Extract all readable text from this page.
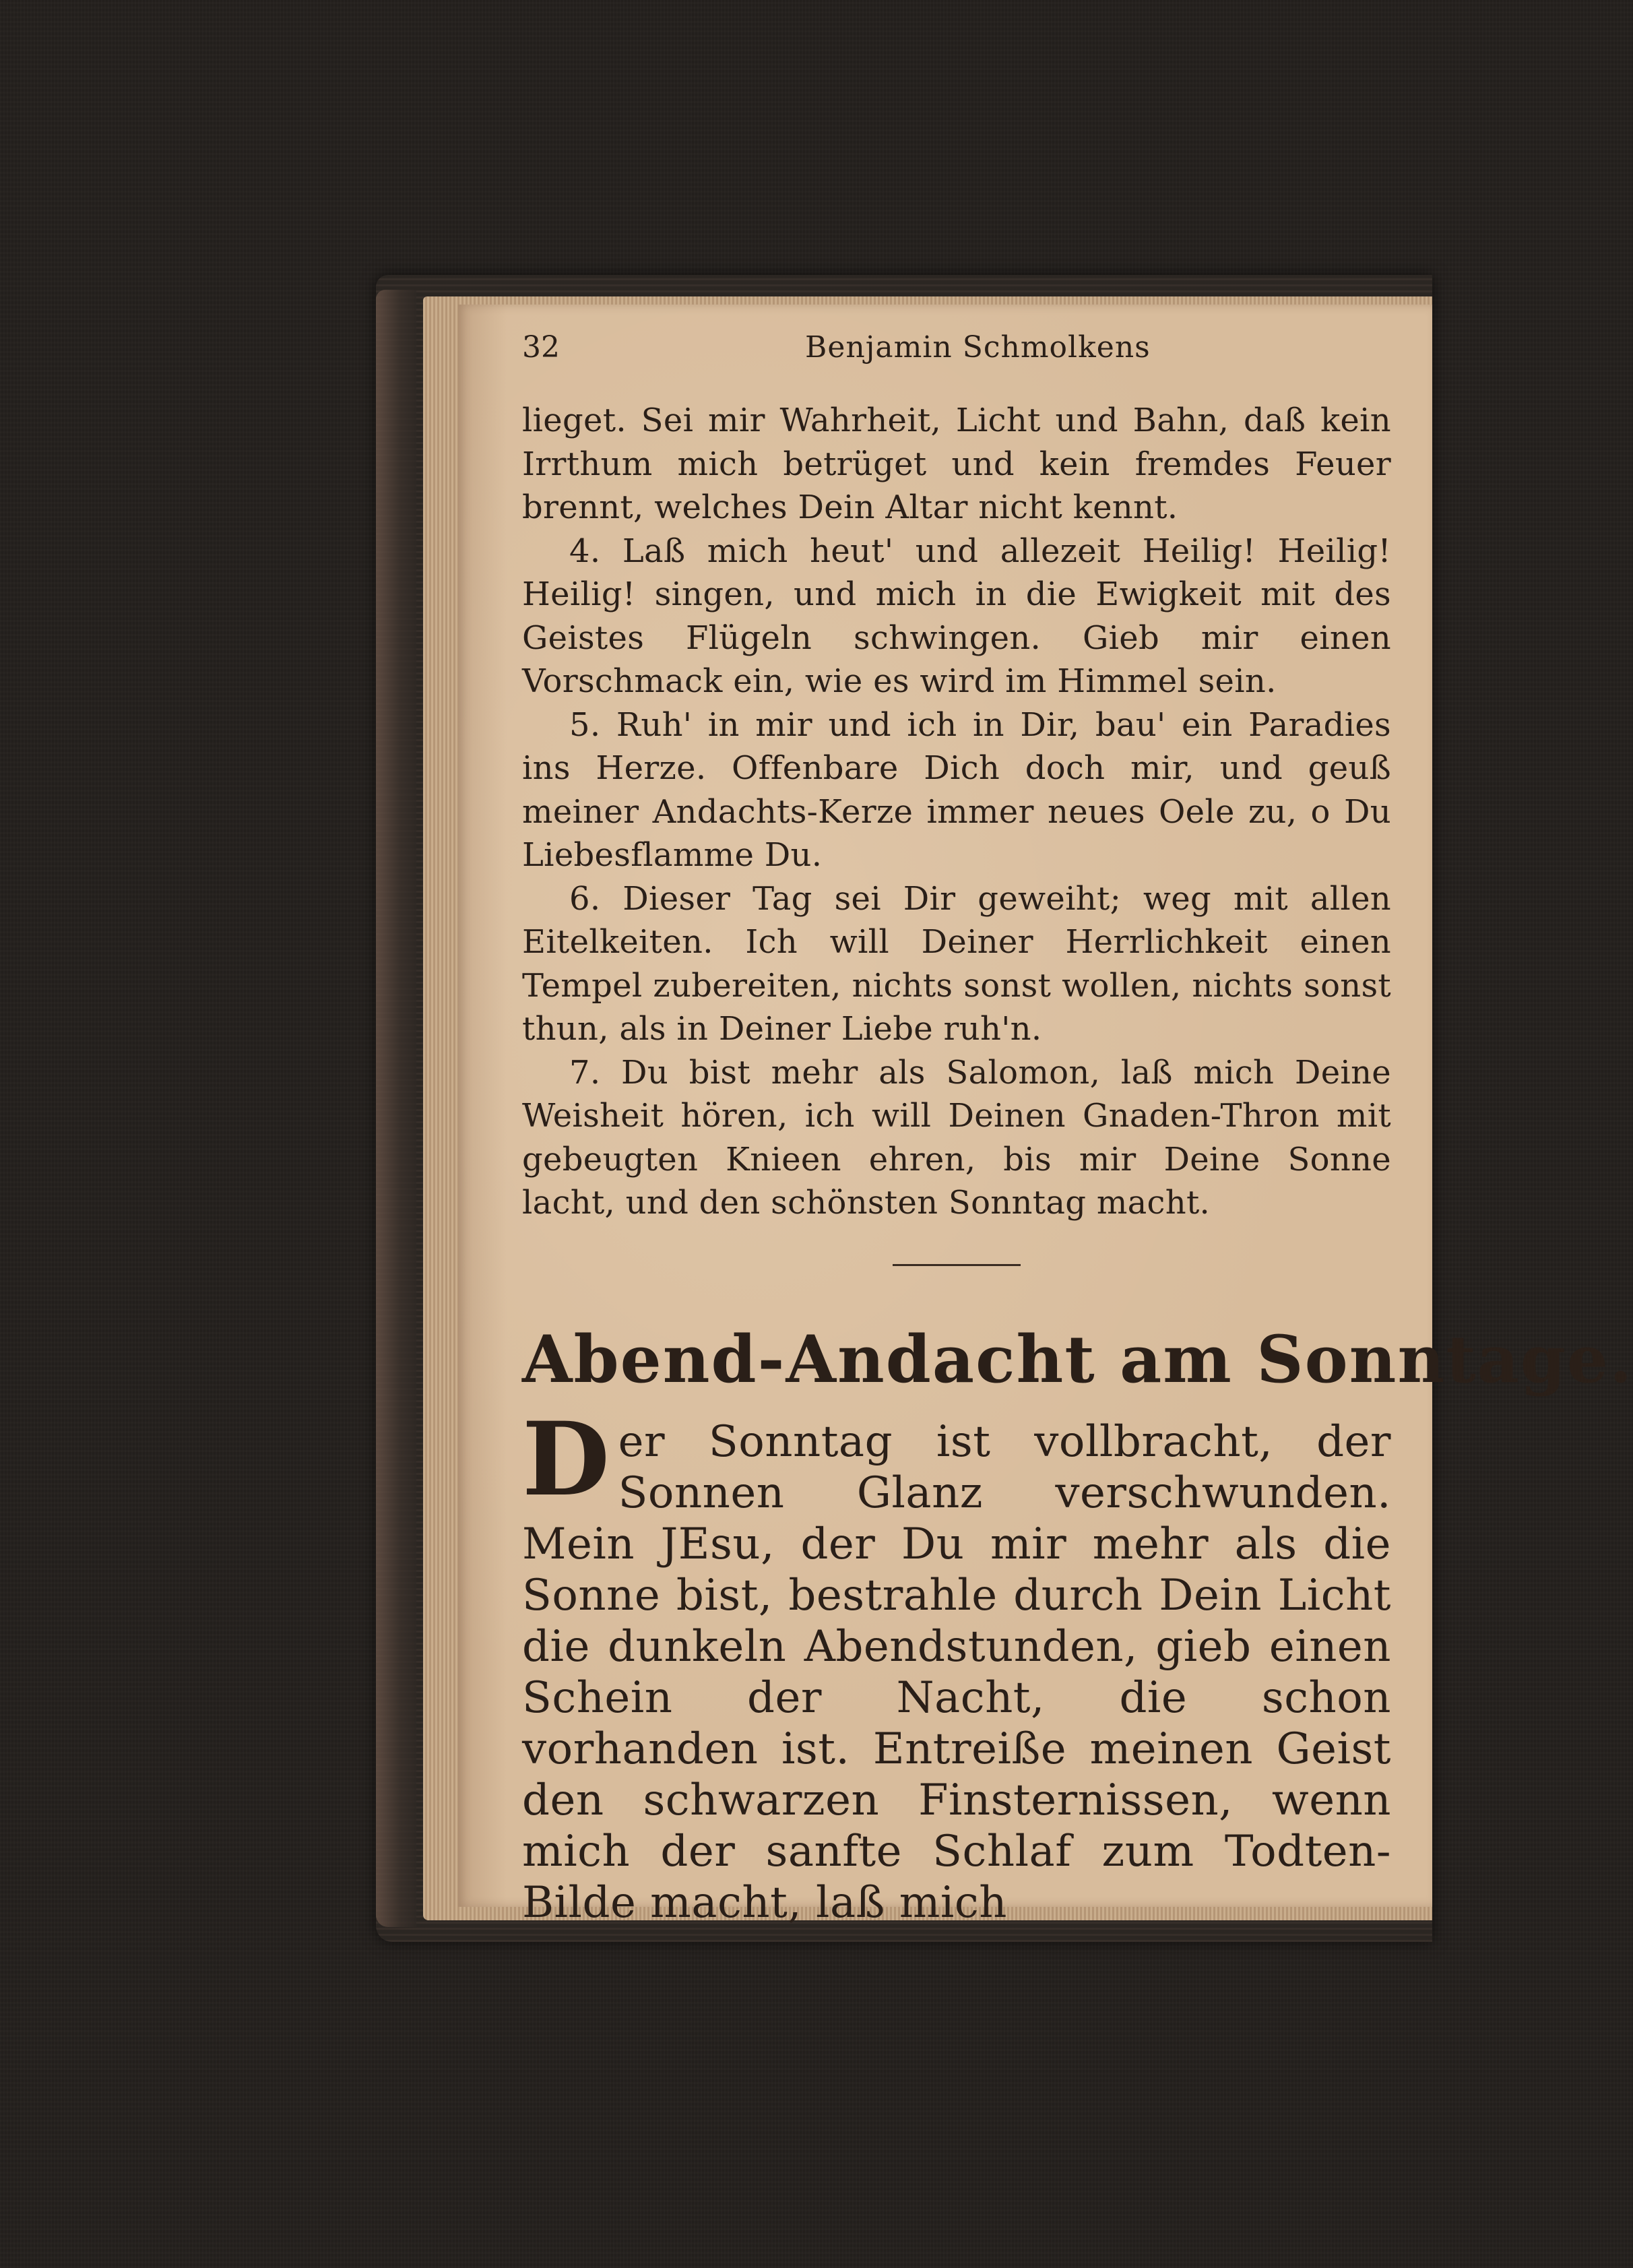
32	Benjamin Schmolkens

lieget. Sei mir Wahrheit, Licht und Bahn, daß kein Irrthum mich betrüget und kein fremdes Feuer brennt, welches Dein Altar nicht kennt.

4. Laß mich heut' und allezeit Heilig! Heilig! Heilig! singen, und mich in die Ewigkeit mit des Geistes Flügeln schwingen. Gieb mir einen Vorschmack ein, wie es wird im Himmel sein.

5. Ruh' in mir und ich in Dir, bau' ein Paradies ins Herze. Offenbare Dich doch mir, und geuß meiner Andachts-Kerze immer neues Oele zu, o Du Liebesflamme Du.

6. Dieser Tag sei Dir geweiht; weg mit allen Eitelkeiten. Ich will Deiner Herrlichkeit einen Tempel zubereiten, nichts sonst wollen, nichts sonst thun, als in Deiner Liebe ruh'n.

7. Du bist mehr als Salomon, laß mich Deine Weisheit hören, ich will Deinen Gnaden-Thron mit gebeugten Knieen ehren, bis mir Deine Sonne lacht, und den schönsten Sonntag macht.

Abend-Andacht am Sonntage.
Der Sonntag ist vollbracht, der Sonnen Glanz verschwunden. Mein JEsu, der Du mir mehr als die Sonne bist, bestrahle durch Dein Licht die dunkeln Abendstunden, gieb einen Schein der Nacht, die schon vorhanden ist. Entreiße meinen Geist den schwarzen Finsternissen, wenn mich der sanfte Schlaf zum Todten-Bilde macht, laß mich
